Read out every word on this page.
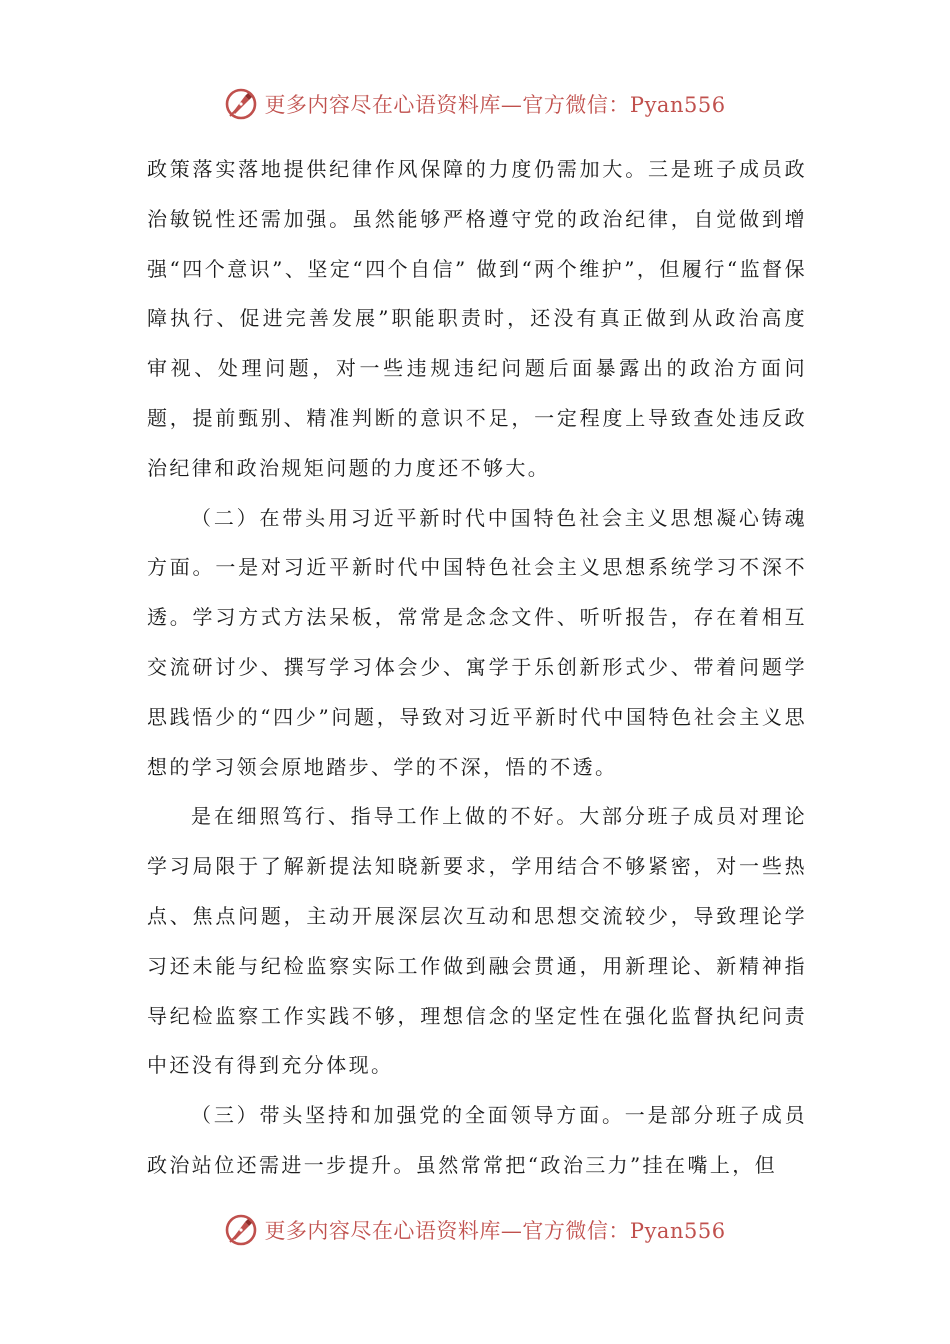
更多内容尽在心语资料库—官方微信：Pyan556

政策落实落地提供纪律作风保障的力度仍需加大。三是班子成员政治敏锐性还需加强。虽然能够严格遵守党的政治纪律，自觉做到增强“四个意识”、坚定“四个自信” 做到“两个维护”，但履行“监督保障执行、促进完善发展”职能职责时，还没有真正做到从政治高度审视、处理问题，对一些违规违纪问题后面暴露出的政治方面问题，提前甄别、精准判断的意识不足，一定程度上导致查处违反政治纪律和政治规矩问题的力度还不够大。

（二）在带头用习近平新时代中国特色社会主义思想凝心铸魂方面。一是对习近平新时代中国特色社会主义思想系统学习不深不透。学习方式方法呆板，常常是念念文件、听听报告，存在着相互交流研讨少、撰写学习体会少、寓学于乐创新形式少、带着问题学思践悟少的“四少”问题，导致对习近平新时代中国特色社会主义思想的学习领会原地踏步、学的不深，悟的不透。

是在细照笃行、指导工作上做的不好。大部分班子成员对理论学习局限于了解新提法知晓新要求，学用结合不够紧密，对一些热点、焦点问题，主动开展深层次互动和思想交流较少，导致理论学习还未能与纪检监察实际工作做到融会贯通，用新理论、新精神指导纪检监察工作实践不够，理想信念的坚定性在强化监督执纪问责中还没有得到充分体现。

（三）带头坚持和加强党的全面领导方面。一是部分班子成员政治站位还需进一步提升。虽然常常把“政治三力”挂在嘴上，但

更多内容尽在心语资料库—官方微信：Pyan556
